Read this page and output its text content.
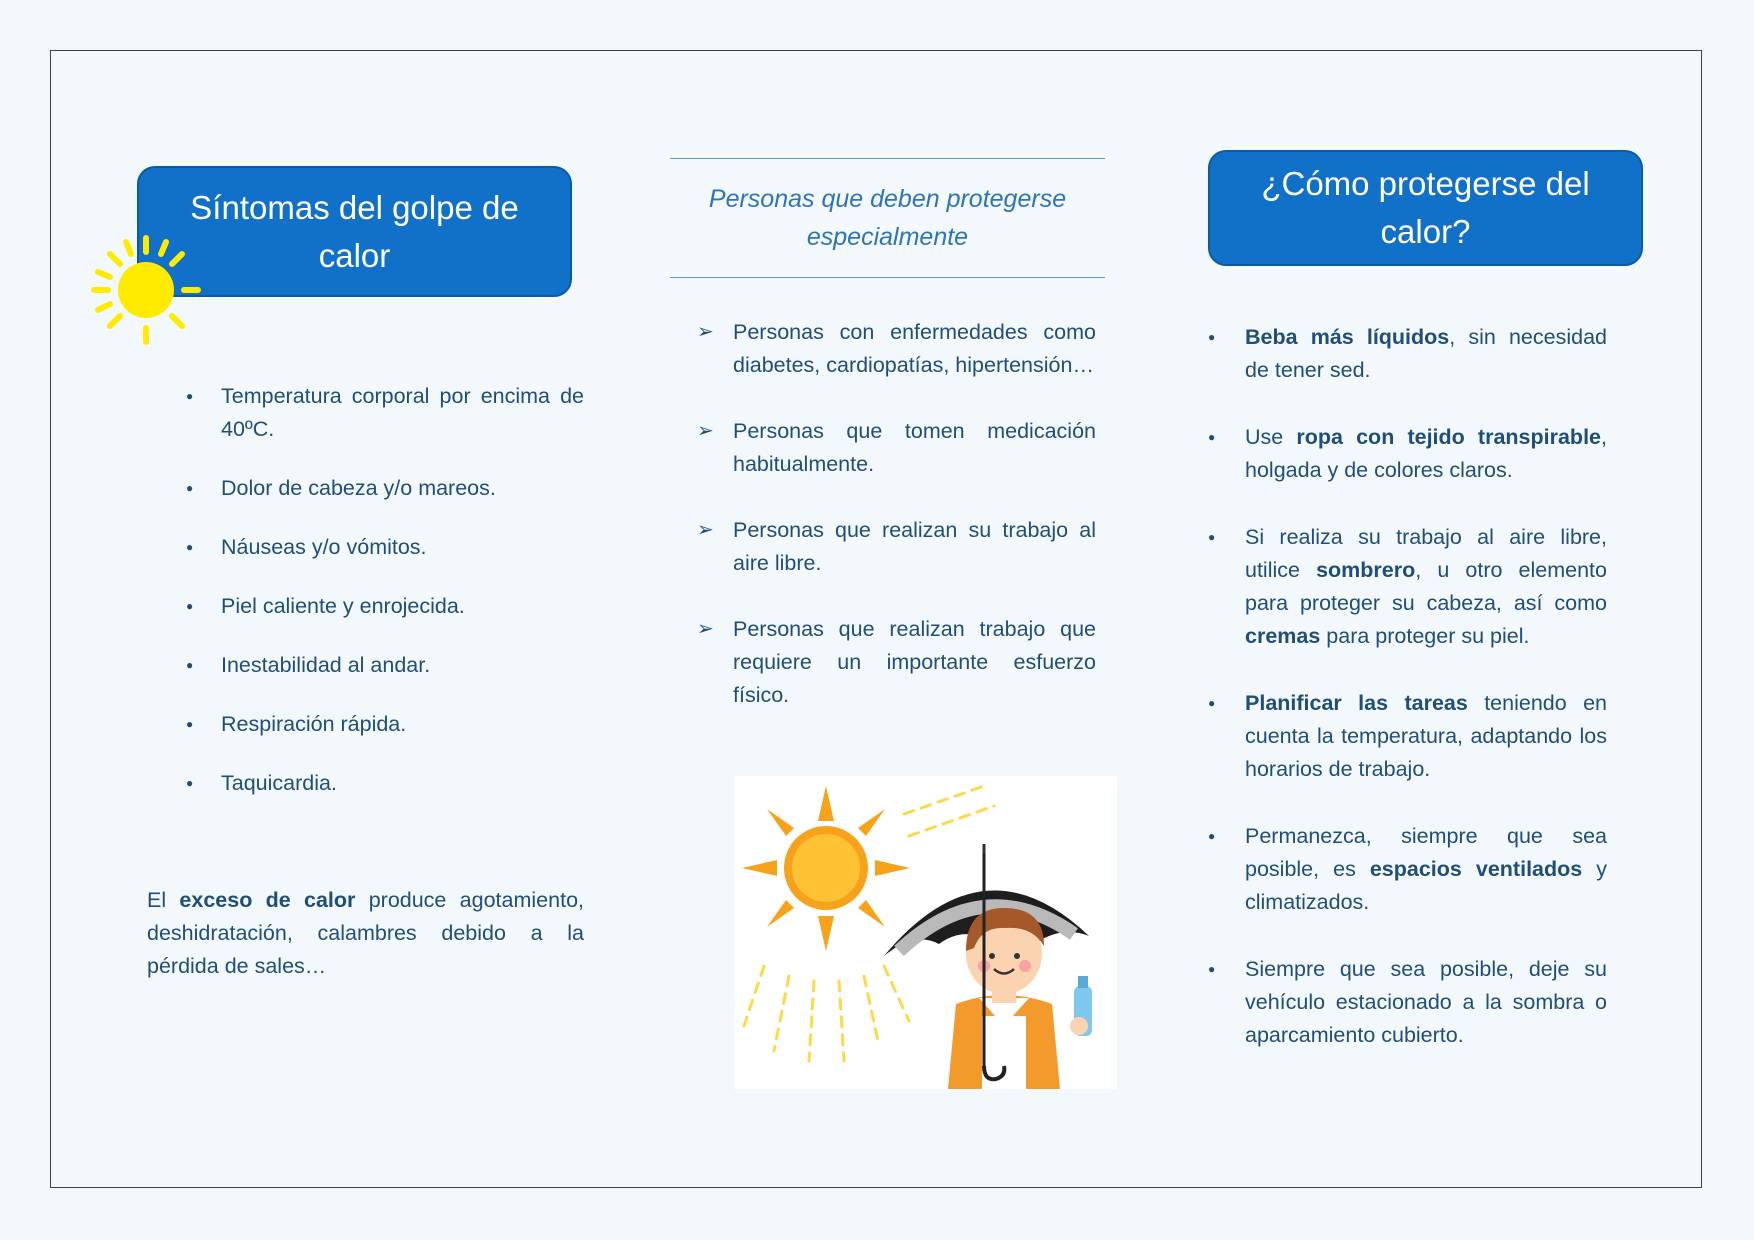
Síntomas del golpe de calor
● Temperatura corporal por encima de 40ºC.
● Dolor de cabeza y/o mareos.
● Náuseas y/o vómitos.
● Piel caliente y enrojecida.
● Inestabilidad al andar.
● Respiración rápida.
● Taquicardia.

El exceso de calor produce agotamiento, deshidratación, calambres debido a la pérdida de sales…

Personas que deben protegerse
especialmente
➢ Personas con enfermedades como diabetes, cardiopatías, hipertensión…
➢ Personas que tomen medicación habitualmente.
➢ Personas que realizan su trabajo al aire libre.
➢ Personas que realizan trabajo que requiere un importante esfuerzo físico.
¿Cómo protegerse del calor?
● Beba más líquidos, sin necesidad de tener sed.
● Use ropa con tejido transpirable, holgada y de colores claros.
● Si realiza su trabajo al aire libre, utilice sombrero, u otro elemento para proteger su cabeza, así como cremas para proteger su piel.
● Planificar las tareas teniendo en cuenta la temperatura, adaptando los horarios de trabajo.
● Permanezca, siempre que sea posible, es espacios ventilados y climatizados.
● Siempre que sea posible, deje su vehículo estacionado a la sombra o aparcamiento cubierto.
